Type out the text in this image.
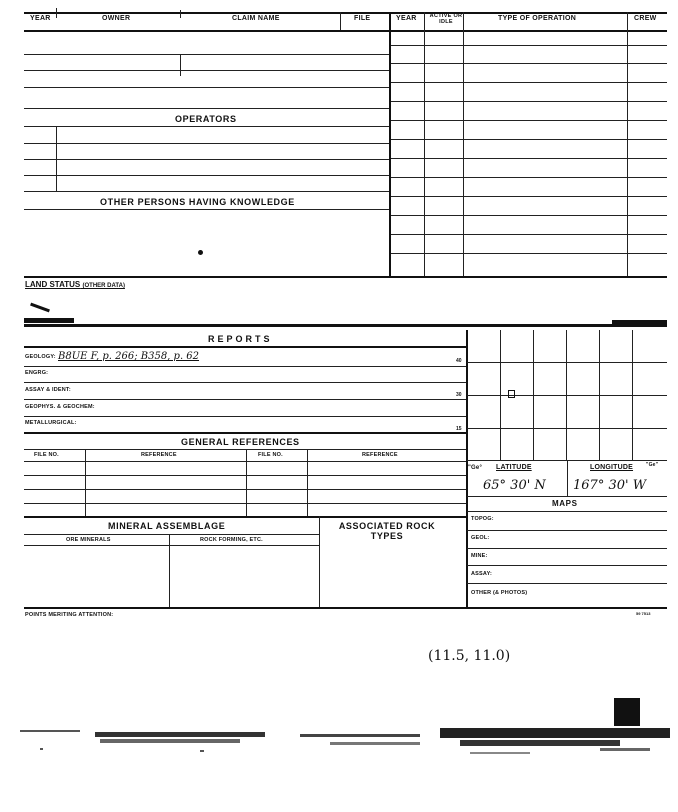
YEAR	OWNER	CLAIM NAME	FILE	YEAR	ACTIVE OR IDLE	TYPE OF OPERATION	CREW
OPERATORS
OTHER PERSONS HAVING KNOWLEDGE
LAND STATUS (OTHER DATA)
REPORTS
GEOLOGY: B8UE F, p. 266; B358, p. 62	40
ENGRG:
ASSAY & IDENT:
30
GEOPHYS. & GEOCHEM:
METALLURGICAL:
15
GENERAL REFERENCES
FILE NO.	REFERENCE	FILE NO.	REFERENCE
MINERAL ASSEMBLAGE	ASSOCIATED ROCK TYPES
ORE MINERALS	ROCK FORMING, ETC.
POINTS MERITING ATTENTION:	59 7513
"Ge° LATITUDE	LONGITUDE	"Ge"
65° 30' N 167° 30' W
MAPS
TOPOG:
GEOL:
MINE:
ASSAY:
OTHER (& PHOTOS)
(11.5, 11.0)
